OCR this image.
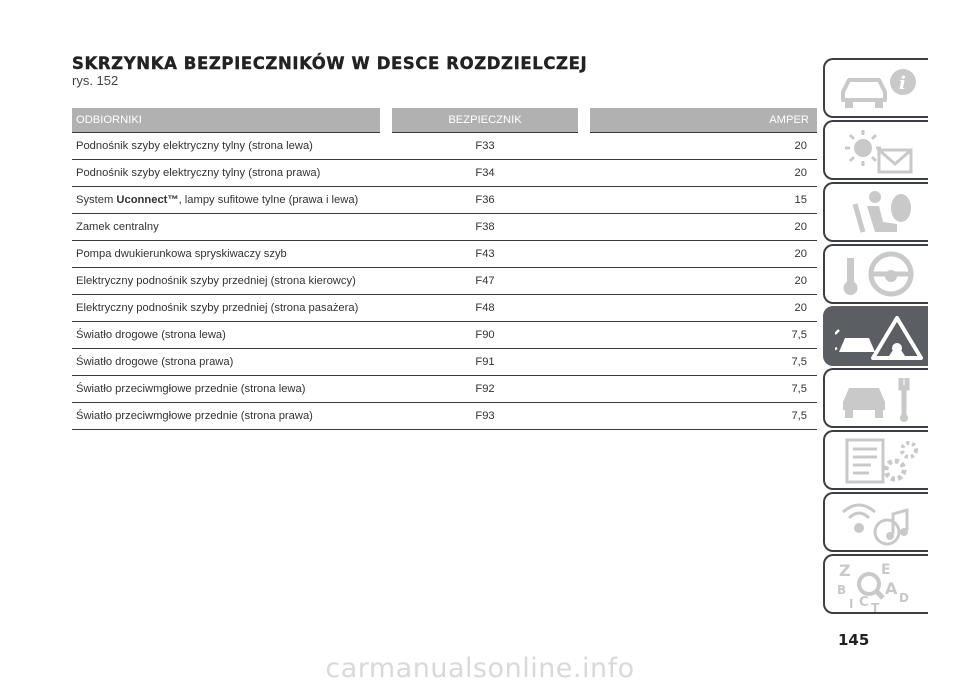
SKRZYNKA BEZPIECZNIKÓW W DESCE ROZDZIELCZEJ
rys. 152
ODBIORNIKI	BEZPIECZNIK	AMPER
Podnośnik szyby elektryczny tylny (strona lewa)	F33	20
Podnośnik szyby elektryczny tylny (strona prawa)	F34	20
System Uconnect™, lampy sufitowe tylne (prawa i lewa)	F36	15
Zamek centralny	F38	20
Pompa dwukierunkowa spryskiwaczy szyb	F43	20
Elektryczny podnośnik szyby przedniej (strona kierowcy)	F47	20
Elektryczny podnośnik szyby przedniej (strona pasażera)	F48	20
Światło drogowe (strona lewa)	F90	7,5
Światło drogowe (strona prawa)	F91	7,5
Światło przeciwmgłowe przednie (strona lewa)	F92	7,5
Światło przeciwmgłowe przednie (strona prawa)	F93	7,5
i
Z E
B A
I C	D
T
145
carmanualsonline.info
